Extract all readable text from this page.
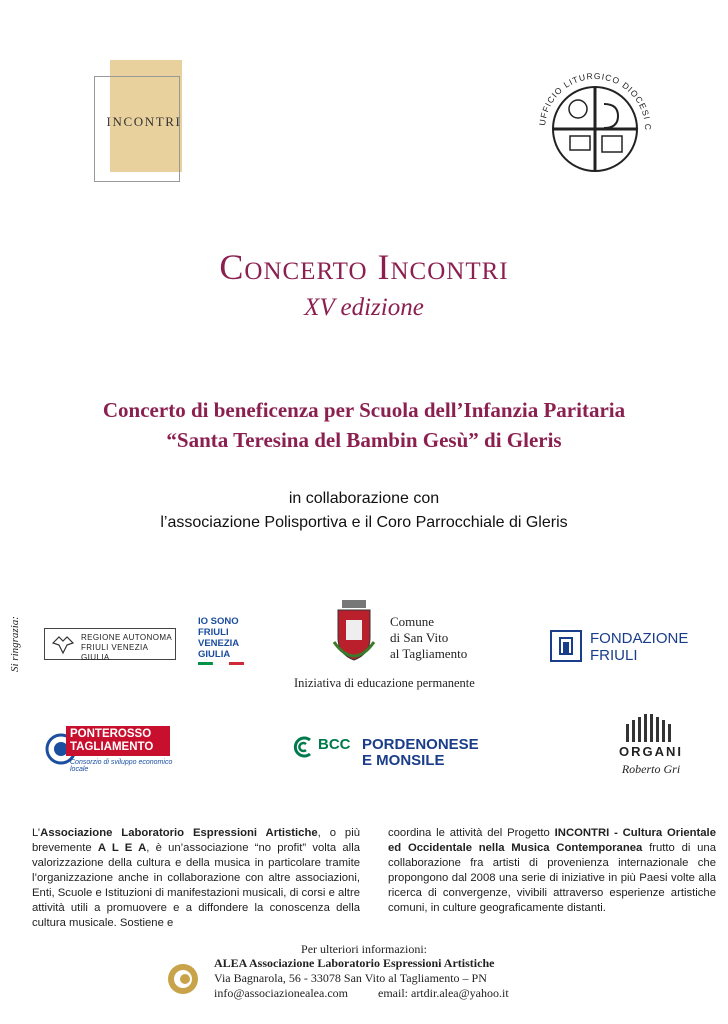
INCONTRI	UFFICIO LITURGICO DIOCESI C
Concerto Incontri
XV edizione
Concerto di beneficenza per Scuola dell’Infanzia Paritaria
“Santa Teresina del Bambin Gesù” di Gleris
in collaborazione con
l’associazione Polisportiva e il Coro Parrocchiale di Gleris
Si ringrazia:	REGIONE AUTONOMA
FRIULI VENEZIA GIULIA
IO SONO
FRIULI
VENEZIA
GIULIA
Comune
di San Vito
al Tagliamento
Iniziativa di educazione permanente
FONDAZIONE
FRIULI
PONTEROSSO
TAGLIAMENTO
Consorzio di sviluppo economico locale
BCC PORDENONESE
E MONSILE
ORGANI
Roberto Gri
L’Associazione Laboratorio Espressioni Artistiche, o più brevemente A L E A, è un’associazione “no profit” volta alla valorizzazione della cultura e della musica in particolare tramite l’organizzazione anche in collaborazione con altre associazioni, Enti, Scuole e Istituzioni di manifestazioni musicali, di corsi e altre attività utili a promuovere e a diffondere la conoscenza della cultura musicale. Sostiene e
coordina le attività del Progetto INCONTRI - Cultura Orientale ed Occidentale nella Musica Contemporanea frutto di una collaborazione fra artisti di provenienza internazionale che propongono dal 2008 una serie di iniziative in più Paesi volte alla ricerca di convergenze, vivibili attraverso esperienze artistiche comuni, in culture geograficamente distanti.
Per ulteriori informazioni:
ALEA Associazione Laboratorio Espressioni Artistiche
Via Bagnarola, 56 - 33078 San Vito al Tagliamento – PN
info@associazionealea.com	email: artdir.alea@yahoo.it
